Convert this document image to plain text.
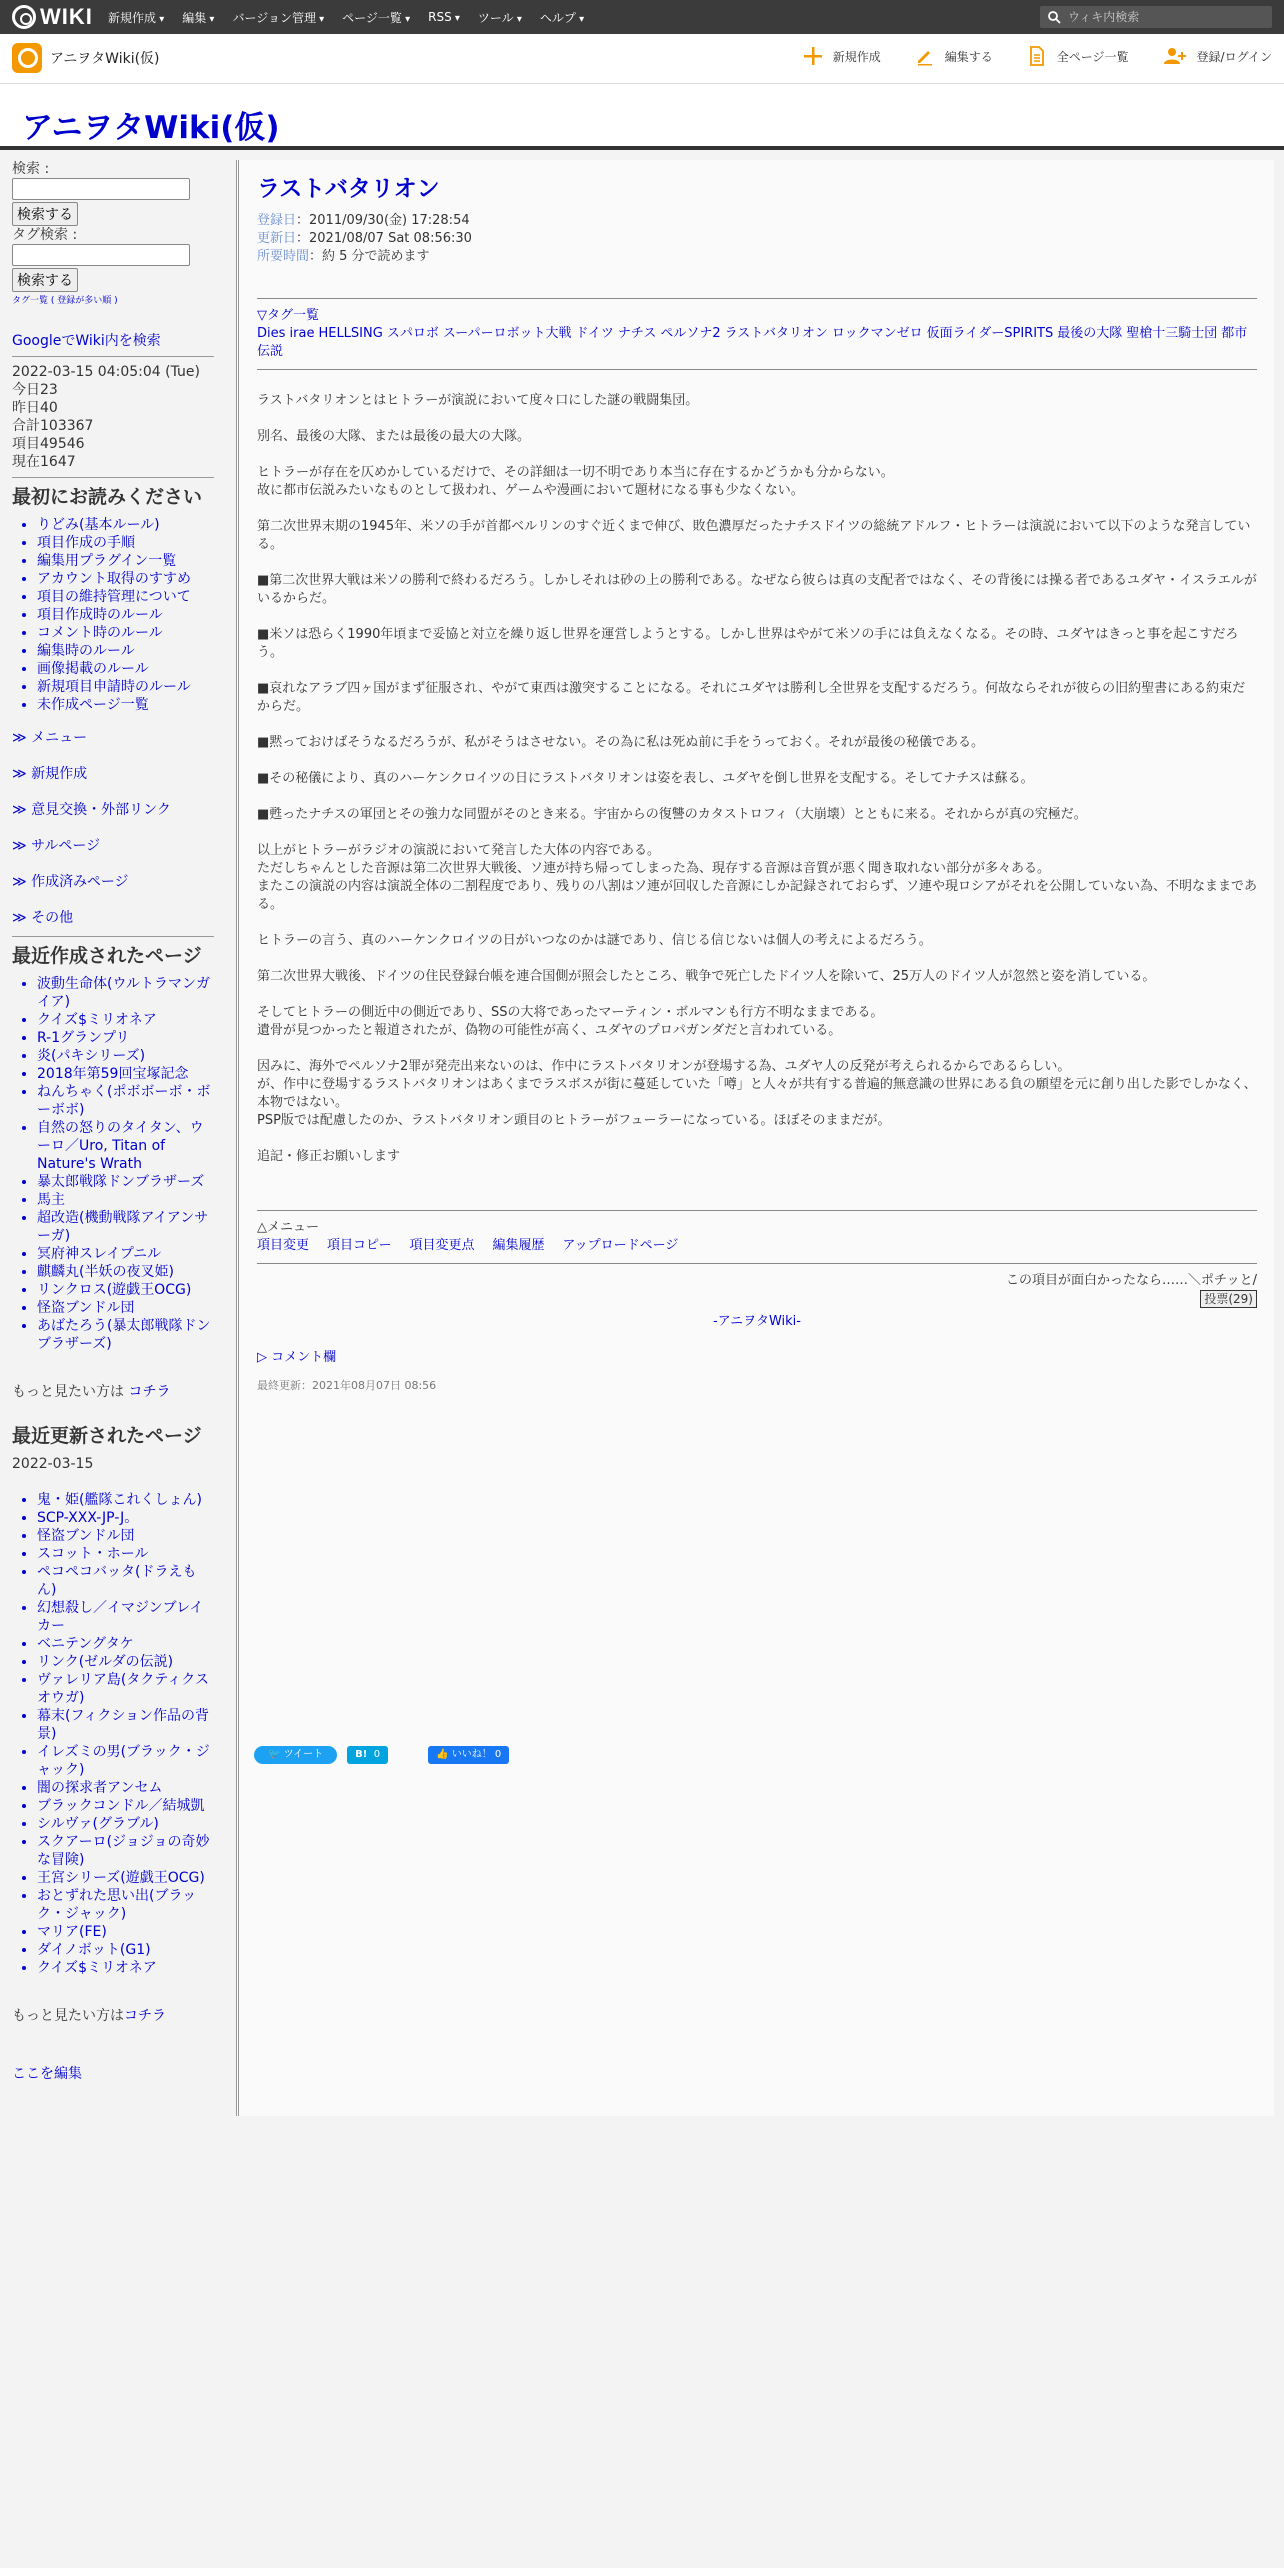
WIKI 新規作成 ▾	編集 ▾	バージョン管理 ▾	ページ一覧 ▾	RSS ▾	ツール ▾	ヘルプ ▾	ウィキ内検索
アニヲタWiki(仮)	新規作成	編集する	全ページ一覧	登録/ログイン
アニヲタWiki(仮)
検索 :
検索する
タグ検索 :
検索する
タグ一覧 ( 登録が多い順 )
GoogleでWiki内を検索
2022-03-15 04:05:04 (Tue)
今日23
昨日40
合計103367
項目49546
現在1647
最初にお読みください
• りどみ(基本ルール)
• 項目作成の手順
• 編集用プラグイン一覧
• アカウント取得のすすめ
• 項目の維持管理について
• 項目作成時のルール
• コメント時のルール
• 編集時のルール
• 画像掲載のルール
• 新規項目申請時のルール
• 未作成ページ一覧
≫ メニュー
≫ 新規作成
≫ 意見交換・外部リンク
≫ サルページ
≫ 作成済みページ
≫ その他
最近作成されたページ
• 波動生命体(ウルトラマンガイア)
• クイズ$ミリオネア
• R-1グランプリ
• 炎(パキシリーズ)
• 2018年第59回宝塚記念
• ねんちゃく(ポボボーボ・ボーボボ)
• 自然の怒りのタイタン、ウーロ／Uro, Titan of Nature's Wrath
• 暴太郎戦隊ドンブラザーズ
• 馬主
• 超改造(機動戦隊アイアンサーガ)
• 冥府神スレイプニル
• 麒麟丸(半妖の夜叉姫)
• リンクロス(遊戯王OCG)
• 怪盗ブンドル団
• あばたろう(暴太郎戦隊ドンブラザーズ)
もっと見たい方は コチラ
最近更新されたページ
2022-03-15
• 鬼・姫(艦隊これくしょん)
• SCP-XXX-JP-J。
• 怪盗ブンドル団
• スコット・ホール
• ペコペコバッタ(ドラえもん)
• 幻想殺し／イマジンブレイカー
• ベニテングタケ
• リンク(ゼルダの伝説)
• ヴァレリア島(タクティクスオウガ)
• 幕末(フィクション作品の背景)
• イレズミの男(ブラック・ジャック)
• 闇の探求者アンセム
• ブラックコンドル／結城凱
• シルヴァ(グラブル)
• スクアーロ(ジョジョの奇妙な冒険)
• 王宮シリーズ(遊戯王OCG)
• おとずれた思い出(ブラック・ジャック)
• マリア(FE)
• ダイノボット(G1)
• クイズ$ミリオネア
もっと見たい方はコチラ
ここを編集
ラストバタリオン
登録日：2011/09/30(金) 17:28:54
更新日：2021/08/07 Sat 08:56:30
所要時間：約 5 分で読めます
▽タグ一覧
Dies irae HELLSING スパロボ スーパーロボット大戦 ドイツ ナチス ペルソナ2 ラストバタリオン ロックマンゼロ 仮面ライダーSPIRITS 最後の大隊 聖槍十三騎士団 都市伝説
ラストバタリオンとはヒトラーが演説において度々口にした謎の戦闘集団。
別名、最後の大隊、または最後の最大の大隊。
ヒトラーが存在を仄めかしているだけで、その詳細は一切不明であり本当に存在するかどうかも分からない。
故に都市伝説みたいなものとして扱われ、ゲームや漫画において題材になる事も少なくない。
第二次世界末期の1945年、米ソの手が首都ベルリンのすぐ近くまで伸び、敗色濃厚だったナチスドイツの総統アドルフ・ヒトラーは演説において以下のような発言している。
■第二次世界大戦は米ソの勝利で終わるだろう。しかしそれは砂の上の勝利である。なぜなら彼らは真の支配者ではなく、その背後には操る者であるユダヤ・イスラエルがいるからだ。
■米ソは恐らく1990年頃まで妥協と対立を繰り返し世界を運営しようとする。しかし世界はやがて米ソの手には負えなくなる。その時、ユダヤはきっと事を起こすだろう。
■哀れなアラブ四ヶ国がまず征服され、やがて東西は激突することになる。それにユダヤは勝利し全世界を支配するだろう。何故ならそれが彼らの旧約聖書にある約束だからだ。
■黙っておけばそうなるだろうが、私がそうはさせない。その為に私は死ぬ前に手をうっておく。それが最後の秘儀である。
■その秘儀により、真のハーケンクロイツの日にラストバタリオンは姿を表し、ユダヤを倒し世界を支配する。そしてナチスは蘇る。
■甦ったナチスの軍団とその強力な同盟がそのとき来る。宇宙からの復讐のカタストロフィ（大崩壊）とともに来る。それからが真の究極だ。
以上がヒトラーがラジオの演説において発言した大体の内容である。
ただしちゃんとした音源は第二次世界大戦後、ソ連が持ち帰ってしまった為、現存する音源は音質が悪く聞き取れない部分が多々ある。
またこの演説の内容は演説全体の二割程度であり、残りの八割はソ連が回収した音源にしか記録されておらず、ソ連や現ロシアがそれを公開していない為、不明なままである。
ヒトラーの言う、真のハーケンクロイツの日がいつなのかは謎であり、信じる信じないは個人の考えによるだろう。
第二次世界大戦後、ドイツの住民登録台帳を連合国側が照会したところ、戦争で死亡したドイツ人を除いて、25万人のドイツ人が忽然と姿を消している。
そしてヒトラーの側近中の側近であり、SSの大将であったマーティン・ボルマンも行方不明なままである。
遺骨が見つかったと報道されたが、偽物の可能性が高く、ユダヤのプロパガンダだと言われている。
因みに、海外でペルソナ2罪が発売出来ないのは、作中にラストバタリオンが登場する為、ユダヤ人の反発が考えられるからであるらしい。
が、作中に登場するラストバタリオンはあくまでラスボスが街に蔓延していた「噂」と人々が共有する普遍的無意識の世界にある負の願望を元に創り出した影でしかなく、本物ではない。
PSP版では配慮したのか、ラストバタリオン頭目のヒトラーがフューラーになっている。ほぼそのままだが。
追記・修正お願いします
△メニュー
項目変更 項目コピー 項目変更点 編集履歴 アップロードページ
この項目が面白かったなら……＼ポチッと/
投票(29)
-アニヲタWiki-
▷ コメント欄
最終更新：2021年08月07日 08:56
🐦 ツイート	B! 0	👍 いいね！ 0
